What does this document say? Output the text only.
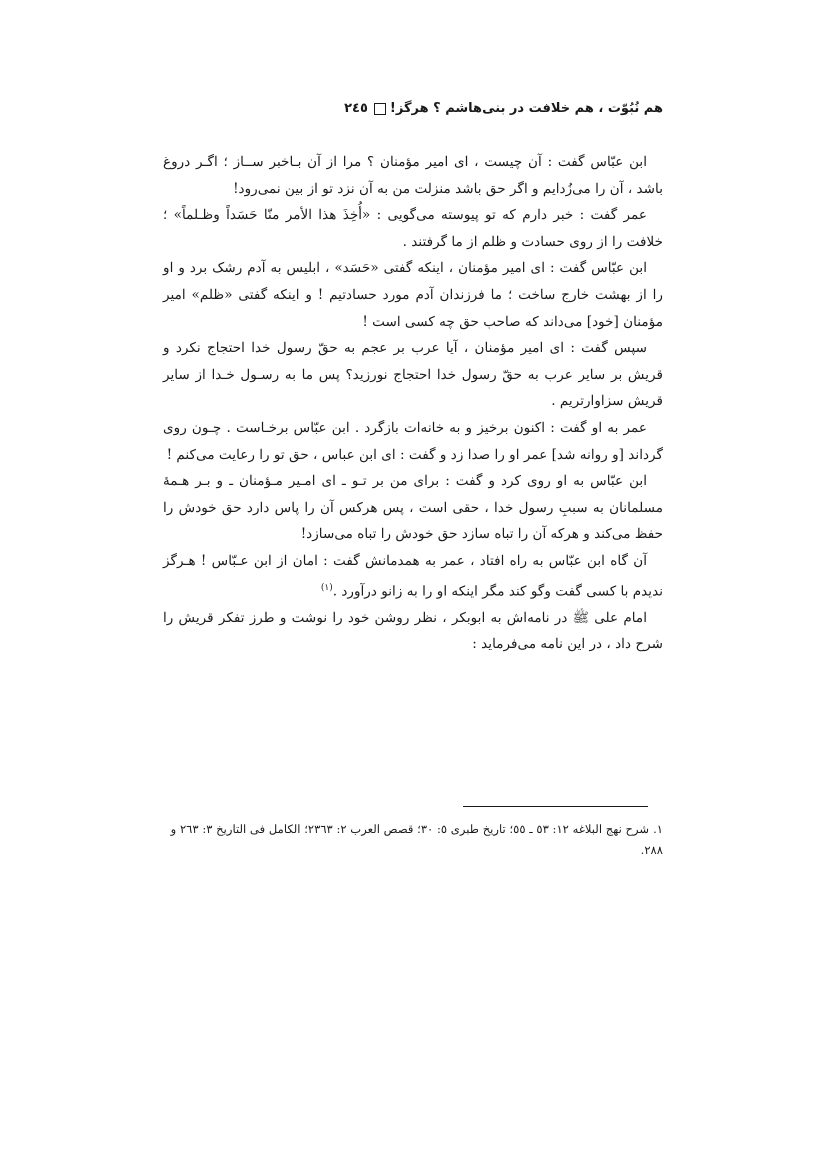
هم نُبُوّت ، هم خلافت در بنی‌هاشم ؟ هرگز!٢٤٥

ابن عبّاس گفت : آن چیست ، ای امیر مؤمنان ؟ مرا از آن بـاخبر ســاز ؛ اگـر دروغ باشد ، آن را می‌زُدایم و اگر حق باشد منزلت من به آن نزد تو از بین نمی‌رود!

عمر گفت : خبر دارم که تو پیوسته می‌گویی : «أُخِذَ هذا الأمر منّا حَسَداً وظـلماً» ؛ خلافت را از روی حسادت و ظلم از ما گرفتند .

ابن عبّاس گفت : ای امیر مؤمنان ، اینکه گفتی «حَسَد» ، ابلیس به آدم رشک برد و او را از بهشت خارج ساخت ؛ ما فرزندان آدم مورد حسادتیم ! و اینکه گفتی «ظلم» امیر مؤمنان [خود] می‌داند که صاحب حق چه کسی است !

سپس گفت : ای امیر مؤمنان ، آیا عرب بر عجم به حقّ رسول خدا احتجاج نکرد و قریش بر سایر عرب به حقّ رسول خدا احتجاج نورزید؟ پس ما به رسـول خـدا از سایر قریش سزاوارتریم .

عمر به او گفت : اکنون برخیز و به خانه‌ات بازگرد . ابن عبّاس برخـاست . چـون روی گرداند [و روانه شد] عمر او را صدا زد و گفت : ای ابن عباس ، حق تو را رعایت می‌کنم !

ابن عبّاس به او روی کرد و گفت : برای من بر تـو ـ ای امـیر مـؤمنان ـ و بـر هـمهٔ مسلمانان به سببِ رسول خدا ، حقی است ، پس هرکس آن را پاس دارد حق خودش را حفظ می‌کند و هرکه آن را تباه سازد حق خودش را تباه می‌سازد!

آن گاه ابن عبّاس به راه افتاد ، عمر به همدمانش گفت : امان از ابن عـبّاس ! هـرگز ندیدم با کسی گفت وگو کند مگر اینکه او را به زانو درآورد .$^{(١)}$

امام علی ﷺ در نامه‌اش به ابوبکر ، نظر روشن خود را نوشت و طرز تفکر قریش را شرح داد ، در این نامه می‌فرماید :

١.شرح نهج البلاغه ١٢: ٥٣ ـ ٥٥؛ تاریخ طبری ٥: ٣٠؛ قصص العرب ٢: ٢٣٦٣؛ الکامل فی التاریخ ٣: ٢٦٣ و ٢٨٨.
